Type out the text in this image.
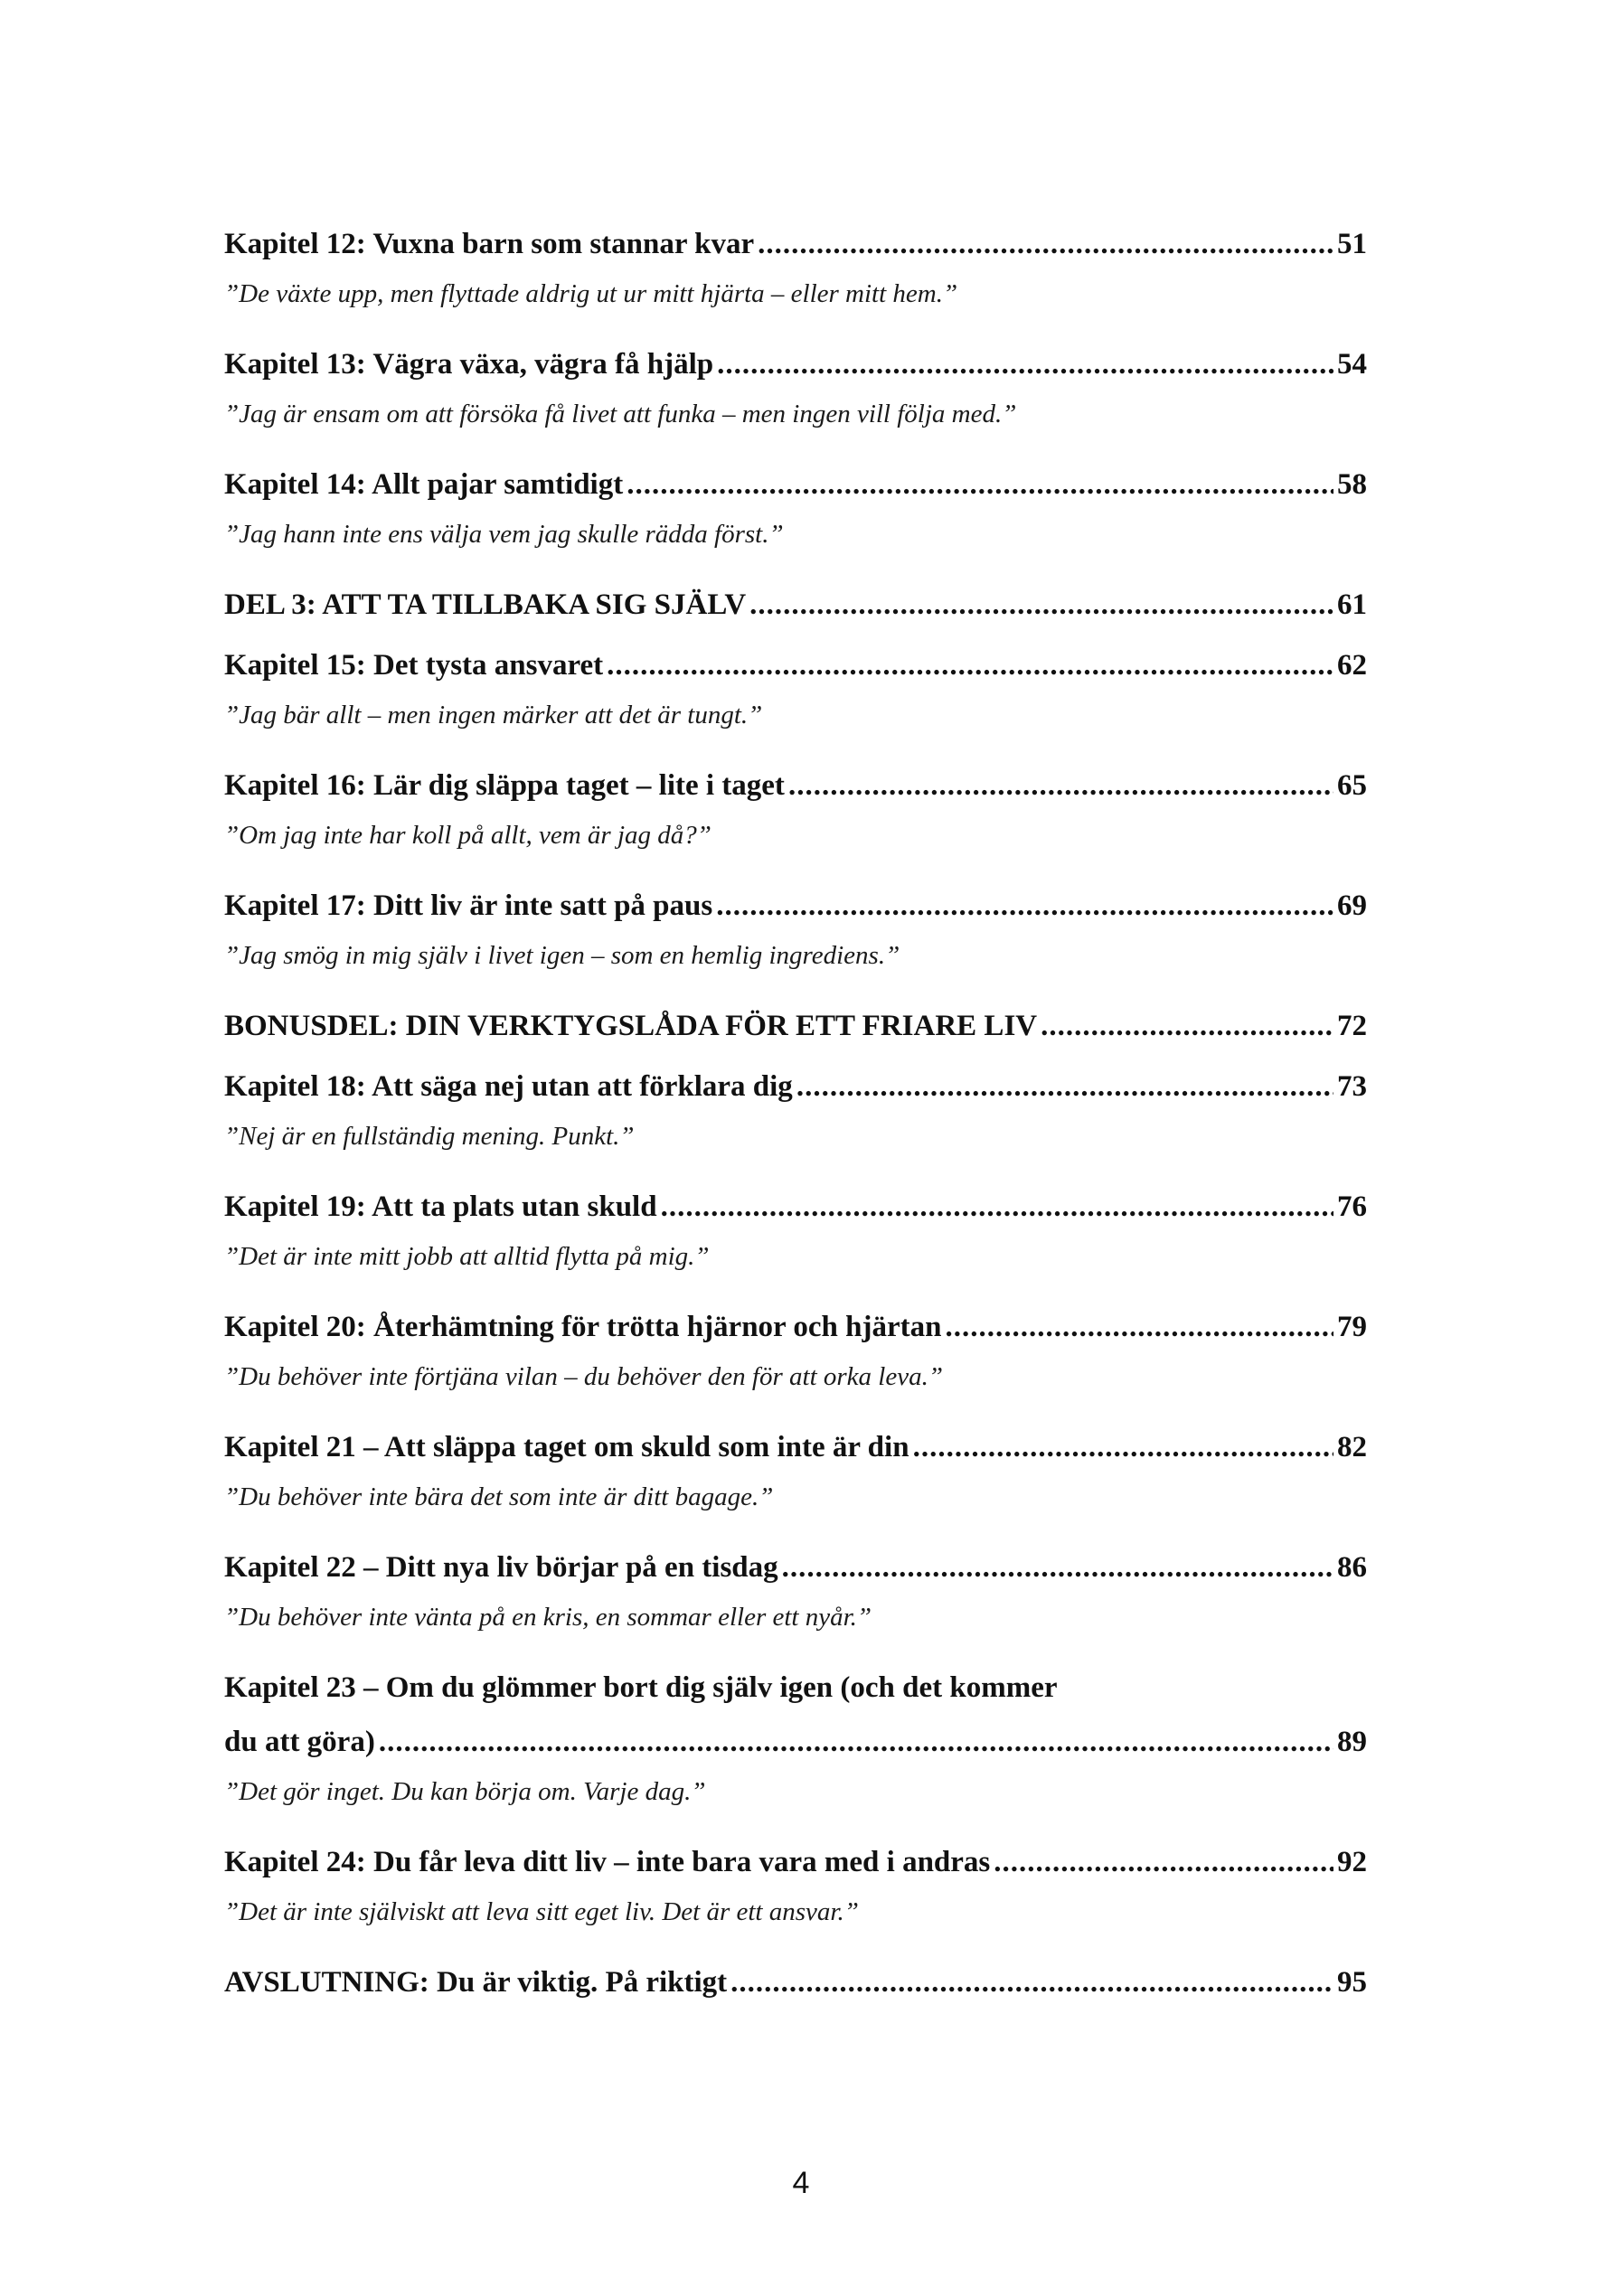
Kapitel 12: Vuxna barn som stannar kvar .....	51
”De växte upp, men flyttade aldrig ut ur mitt hjärta – eller mitt hem.”
Kapitel 13: Vägra växa, vägra få hjälp .....	54
”Jag är ensam om att försöka få livet att funka – men ingen vill följa med.”
Kapitel 14: Allt pajar samtidigt .....	58
”Jag hann inte ens välja vem jag skulle rädda först.”
DEL 3: ATT TA TILLBAKA SIG SJÄLV .....	61
Kapitel 15: Det tysta ansvaret .....	62
”Jag bär allt – men ingen märker att det är tungt.”
Kapitel 16: Lär dig släppa taget – lite i taget .....	65
”Om jag inte har koll på allt, vem är jag då?”
Kapitel 17: Ditt liv är inte satt på paus .....	69
”Jag smög in mig själv i livet igen – som en hemlig ingrediens.”
BONUSDEL: DIN VERKTYGSLÅDA FÖR ETT FRIARE LIV .....	72
Kapitel 18: Att säga nej utan att förklara dig .....	73
”Nej är en fullständig mening. Punkt.”
Kapitel 19: Att ta plats utan skuld .....	76
”Det är inte mitt jobb att alltid flytta på mig.”
Kapitel 20: Återhämtning för trötta hjärnor och hjärtan .....	79
”Du behöver inte förtjäna vilan – du behöver den för att orka leva.”
Kapitel 21 – Att släppa taget om skuld som inte är din .....	82
”Du behöver inte bära det som inte är ditt bagage.”
Kapitel 22 – Ditt nya liv börjar på en tisdag .....	86
”Du behöver inte vänta på en kris, en sommar eller ett nyår.”
Kapitel 23 – Om du glömmer bort dig själv igen (och det kommer
du att göra) .....	89
”Det gör inget. Du kan börja om. Varje dag.”
Kapitel 24: Du får leva ditt liv – inte bara vara med i andras .....	92
”Det är inte själviskt att leva sitt eget liv. Det är ett ansvar.”
AVSLUTNING: Du är viktig. På riktigt .....	95
4
